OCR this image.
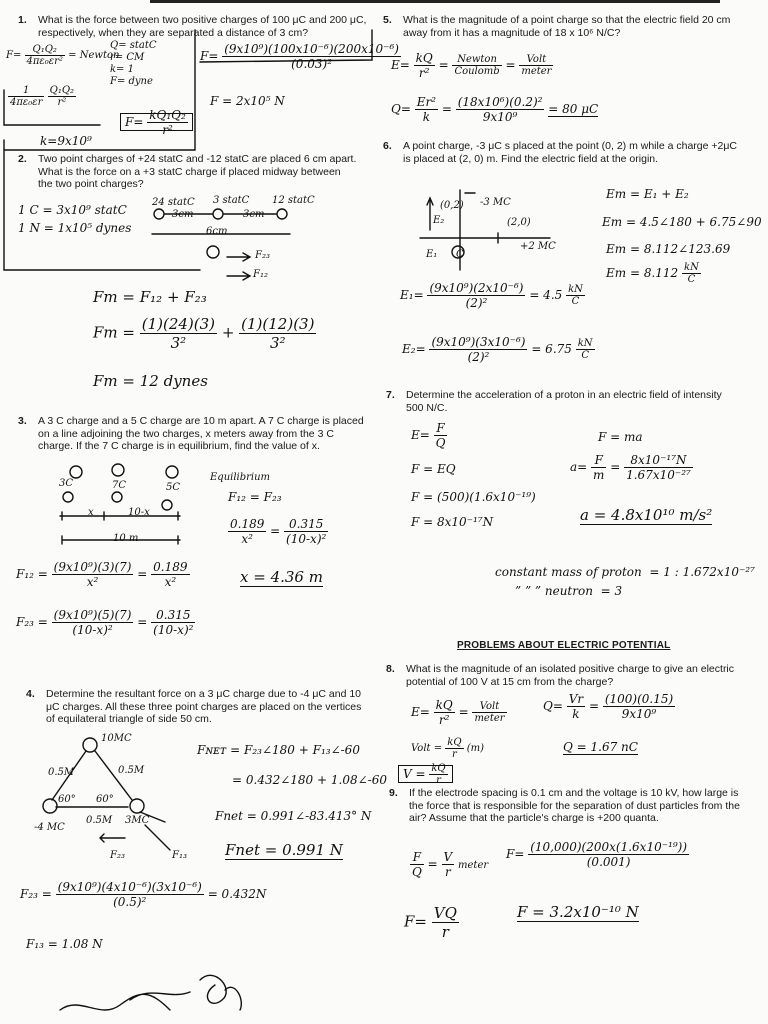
1.	What is the force between two positive charges of 100 μC and 200 μC, respectively, when they are separated a distance of 3 cm?
2.	Two point charges of +24 statC and -12 statC are placed 6 cm apart. What is the force on a +3 statC charge if placed midway between the two point charges?
3.	A 3 C charge and a 5 C charge are 10 m apart. A 7 C charge is placed on a line adjoining the two charges, x meters away from the 3 C charge. If the 7 C charge is in equilibrium, find the value of x.
4.	Determine the resultant force on a 3 μC charge due to -4 μC and 10 μC charges. All these three point charges are placed on the vertices of equilateral triangle of side 50 cm.
5.	What is the magnitude of a point charge so that the electric field 20 cm away from it has a magnitude of 18 x 10⁶ N/C?
6.	A point charge, -3 μC s placed at the point (0, 2) m while a charge +2μC is placed at (2, 0) m. Find the electric field at the origin.
7.	Determine the acceleration of a proton in an electric field of intensity 500 N/C.
PROBLEMS ABOUT ELECTRIC POTENTIAL
8.	What is the magnitude of an isolated positive charge to give an electric potential of 100 V at 15 cm from the charge?
9.	If the electrode spacing is 0.1 cm and the voltage is 10 kV, how large is the force that is responsible for the separation of dust particles from the air? Assume that the particle's charge is +200 quanta.
$F= \frac{\text{Q₁Q₂}}{\text{4πε₀εr²}}$ = Newton
Q= statC
r= CM
k= 1
F= dyne
$\frac{1}{\text{4πε₀εr}}$
$\frac{\text{Q₁Q₂}}{\text{r²}}$
$F= \frac{\text{kQ₁Q₂}}{\text{r²}}$
k=9x10⁹
$F= \frac{\text{(9x10⁹)(100x10⁻⁶)(200x10⁻⁶)}}{\text{(0.03)²}}$
F = 2x10⁵ N
1 C = 3x10⁹ statC
1 N = 1x10⁵ dynes
24 statC 3 statC 12 statC
3cm	3cm
6cm
F₂₃
F₁₂
Fт = F₁₂ + F₂₃
Fт = $\frac{(1)(24)(3)}{\text{3²}} + \frac{(1)(12)(3)}{\text{3²}}$
Fт = 12 dynes
3C	7C	5C
x	10-x
10 m
Equilibrium
F₁₂ = F₂₃
$\frac{0.189}{\text{x²}} = \frac{0.315}{\text{(10-x)²}}$
x = 4.36 m
$F_{12} = \frac{\text{(9x10⁹)(3)(7)}}{\text{x²}} = \frac{0.189}{\text{x²}}$
$F_{23} = \frac{\text{(9x10⁹)(5)(7)}}{\text{(10-x)²}} = \frac{0.315}{\text{(10-x)²}}$
10MC
0.5M	0.5M
60° 60°
-4 MC
0.5M 3MC
F₂₃	F₁₃
Fɴᴇᴛ = F₂₃∠180 + F₁₃∠-60
= 0.432∠180 + 1.08∠-60
Fnet = 0.991∠-83.413° N
Fnet = 0.991 N
$F_{23} = \frac{\text{(9x10⁹)(4x10⁻⁶)(3x10⁻⁶)}}{\text{(0.5)²}} = 0.432N$
F₁₃ = 1.08 N
$E= \frac{kQ}{\text{r²}} = \frac{\text{Newton}}{\text{Coulomb}} = \frac{\text{Volt}}{\text{meter}}$
$Q= \frac{\text{Er²}}{k} = \frac{\text{(18x10⁶)(0.2)²}}{\text{9x10⁹}} = 80$ μC
(0,2) -3 MC
E₂	(2,0)
+2 MC
E₁ C
Eт = E₁ + E₂
Eт = 4.5∠180 + 6.75∠90
Eт = 8.112∠123.69
Eт = $8.112 \frac{kN}{C}$
$E_1= \frac{\text{(9x10⁹)(2x10⁻⁶)}}{\text{(2)²}} = 4.5 \frac{kN}{C}$
$E_2= \frac{\text{(9x10⁹)(3x10⁻⁶)}}{\text{(2)²}} = 6.75 \frac{kN}{C}$
$E= \frac{F}{Q}$	F = ma
$a= \frac{F}{m} = \frac{\text{8x10⁻¹⁷N}}{\text{1.67x10⁻²⁷}}$
F = EQ
F = (500)(1.6x10⁻¹⁹)
F = 8x10⁻¹⁷N	a = 4.8x10¹⁰ m/s²
constant mass of proton = 1 : 1.672x10⁻²⁷
” ” ” neutron = 3
$E= \frac{kQ}{\text{r²}} = \frac{\text{Volt}}{\text{meter}}$	$Q= \frac{Vr}{k} = \frac{(100)(0.15)}{\text{9x10⁹}}$
Volt = $\frac{kQ}{r} (m)$	Q = 1.67 nC
$V = \frac{kQ}{r}$
$\frac{F}{Q} = \frac{V}{r}$ meter
$F= \frac{VQ}{r}$
$F= \frac{\text{(10,000)(200x(1.6x10⁻¹⁹))}}{(0.001)}$
F = 3.2x10⁻¹⁰ N
